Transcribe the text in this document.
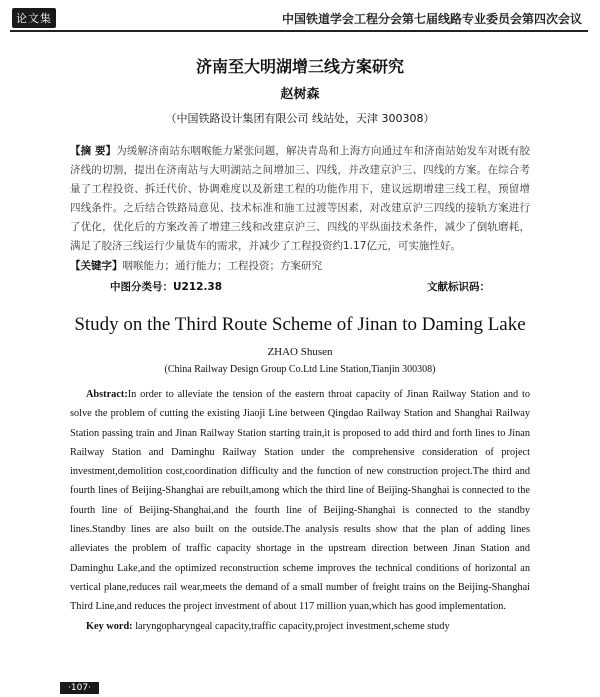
论文集	中国铁道学会工程分会第七届线路专业委员会第四次会议
济南至大明湖增三线方案研究
赵树森
（中国铁路设计集团有限公司 线站处，天津 300308）
【摘 要】为缓解济南站东咽喉能力紧张问题，解决青岛和上海方向通过车和济南站始发车对既有胶济线的切割，提出在济南站与大明湖站之间增加三、四线，并改建京沪三、四线的方案。在综合考量了工程投资、拆迁代价、协调难度以及新建工程的功能作用下，建议远期增建三线工程，预留增四线条件。之后结合铁路局意见、技术标准和施工过渡等因素，对改建京沪三四线的接轨方案进行了优化，优化后的方案改善了增建三线和改建京沪三、四线的平纵面技术条件，减少了倒轨磨耗，满足了胶济三线运行少量货车的需求，并减少了工程投资约1.17亿元，可实施性好。
【关键字】咽喉能力；通行能力；工程投资；方案研究
中图分类号：U212.38	文献标识码：
Study on the Third Route Scheme of Jinan to Daming Lake
ZHAO Shusen
(China Railway Design Group Co.Ltd Line Station,Tianjin 300308)
Abstract:In order to alleviate the tension of the eastern throat capacity of Jinan Railway Station and to solve the problem of cutting the existing Jiaoji Line between Qingdao Railway Station and Shanghai Railway Station passing train and Jinan Railway Station starting train,it is proposed to add third and forth lines to Jinan Railway Station and Daminghu Railway Station under the comprehensive consideration of project investment,demolition cost,coordination difficulty and the function of new construction project.The third and fourth lines of Beijing-Shanghai are rebuilt,among which the third line of Beijing-Shanghai is connected to the fourth line of Beijing-Shanghai,and the fourth line of Beijing-Shanghai is connected to the standby lines.Standby lines are also built on the outside.The analysis results show that the plan of adding lines alleviates the problem of traffic capacity shortage in the upstream direction between Jinan Station and Daminghu Lake,and the optimized reconstruction scheme improves the technical conditions of horizontal an vertical plane,reduces rail wear,meets the demand of a small number of freight trains on the Beijing-Shanghai Third Line,and reduces the project investment of about 117 million yuan,which has good implementation.
Key word: laryngopharyngeal capacity,traffic capacity,project investment,scheme study
·107·
